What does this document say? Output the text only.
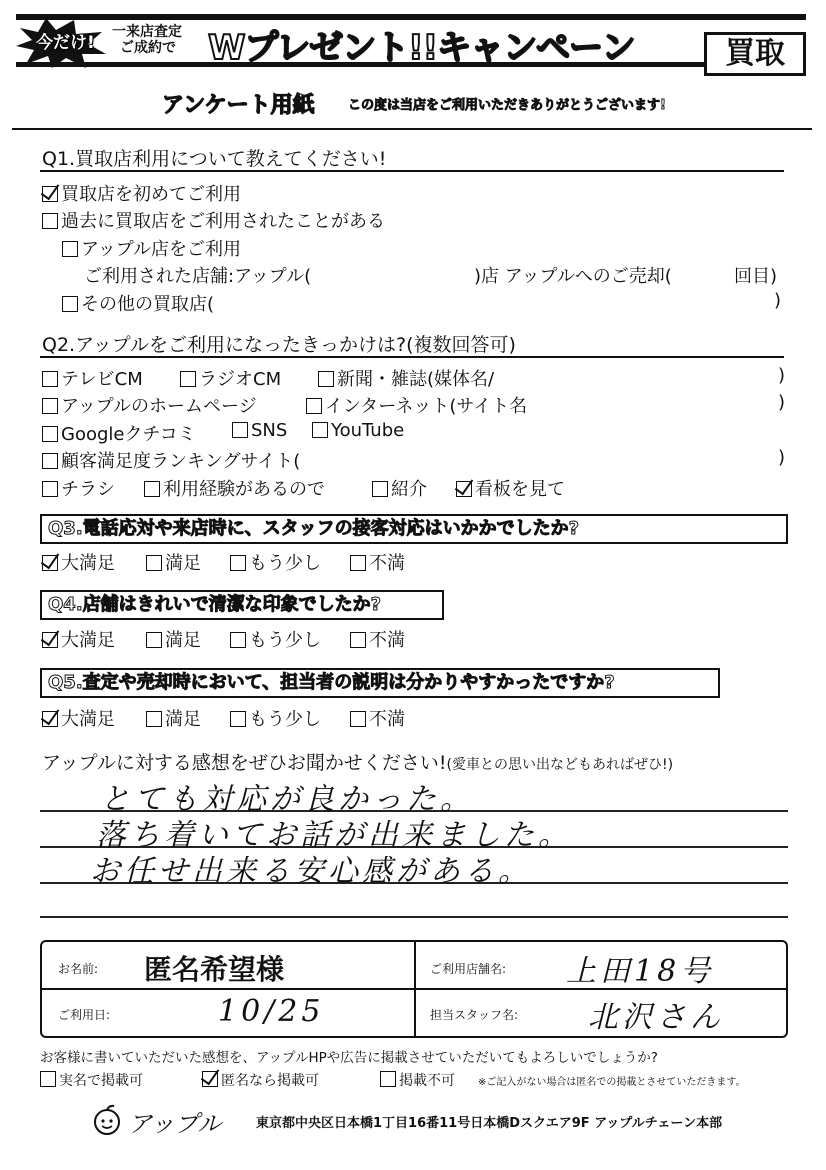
今だけ!
一来店査定
ご成約で Wプレゼント!!キャンペーン	買取
アンケート用紙	この度は当店をご利用いただきありがとうございます!
Q1.買取店利用について教えてください!
買取店を初めてご利用
過去に買取店をご利用されたことがある
アップル店をご利用
ご利用された店舗:アップル(	)店 アップルへのご売却(	回目)
その他の買取店(	)
Q2.アップルをご利用になったきっかけは?(複数回答可)
テレビCM	ラジオCM	新聞・雑誌(媒体名/	)
アップルのホームページ	インターネット(サイト名	)
Googleクチコミ	SNS	YouTube
顧客満足度ランキングサイト(	)
チラシ	利用経験があるので	紹介	看板を見て
Q3.電話応対や来店時に、スタッフの接客対応はいかかでしたか?
大満足	満足	もう少し	不満
Q4.店舗はきれいで清潔な印象でしたか?
大満足	満足	もう少し	不満
Q5.査定や売却時において、担当者の説明は分かりやすかったですか?
大満足	満足	もう少し	不満
アップルに対する感想をぜひお聞かせください!(愛車との思い出などもあればぜひ!)
とても対応が良かった。
落ち着いてお話が出来ました。
お任せ出来る安心感がある。
お名前: 匿名希望様	ご利用店舗名: 上田18号
ご利用日:	10/25	担当スタッフ名: 北沢さん
お客様に書いていただいた感想を、アップルHPや広告に掲載させていただいてもよろしいでしょうか?
実名で掲載可	匿名なら掲載可	掲載不可 ※ご記入がない場合は匿名での掲載とさせていただきます。
アップル	東京都中央区日本橋1丁目16番11号日本橋Dスクエア9F アップルチェーン本部
